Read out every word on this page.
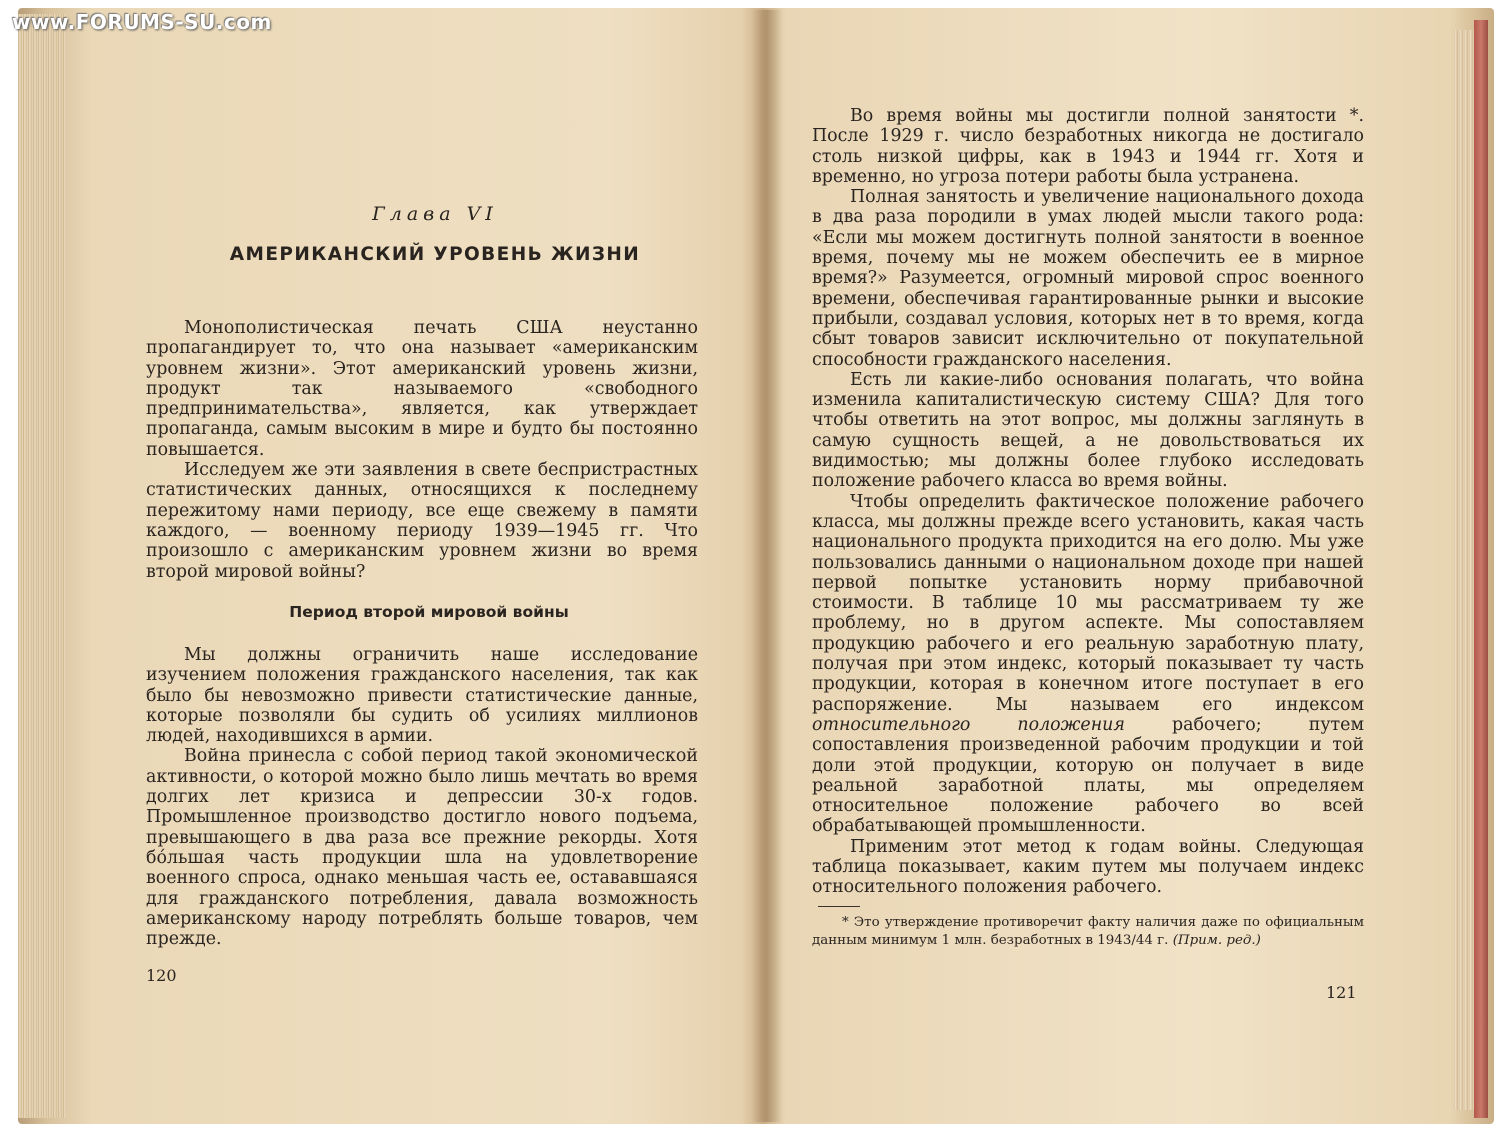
www.FORUMS-SU.com
Глава VI
АМЕРИКАНСКИЙ УРОВЕНЬ ЖИЗНИ

Монополистическая печать США неустанно пропагандирует то, что она называет «американским уровнем жизни». Этот американский уровень жизни, продукт так называемого «свободного предпринимательства», является, как утверждает пропаганда, самым высоким в мире и будто бы постоянно повышается.

Исследуем же эти заявления в свете беспристрастных статистических данных, относящихся к последнему пережитому нами периоду, все еще свежему в памяти каждого, — военному периоду 1939—1945 гг. Что произошло с американским уровнем жизни во время второй мировой войны?

Период второй мировой войны

Мы должны ограничить наше исследование изучением положения гражданского населения, так как было бы невозможно привести статистические данные, которые позволяли бы судить об усилиях миллионов людей, находившихся в армии.

Война принесла с собой период такой экономической активности, о которой можно было лишь мечтать во время долгих лет кризиса и депрессии 30-х годов. Промышленное производство достигло нового подъема, превышающего в два раза все прежние рекорды. Хотя бо́льшая часть продукции шла на удовлетворение военного спроса, однако меньшая часть ее, остававшаяся для гражданского потребления, давала возможность американскому народу потреблять больше товаров, чем прежде.

120

Во время войны мы достигли полной занятости *. После 1929 г. число безработных никогда не достигало столь низкой цифры, как в 1943 и 1944 гг. Хотя и временно, но угроза потери работы была устранена.

Полная занятость и увеличение национального дохода в два раза породили в умах людей мысли такого рода: «Если мы можем достигнуть полной занятости в военное время, почему мы не можем обеспечить ее в мирное время?» Разумеется, огромный мировой спрос военного времени, обеспечивая гарантированные рынки и высокие прибыли, создавал условия, которых нет в то время, когда сбыт товаров зависит исключительно от покупательной способности гражданского населения.

Есть ли какие-либо основания полагать, что война изменила капиталистическую систему США? Для того чтобы ответить на этот вопрос, мы должны заглянуть в самую сущность вещей, а не довольствоваться их видимостью; мы должны более глубоко исследовать положение рабочего класса во время войны.

Чтобы определить фактическое положение рабочего класса, мы должны прежде всего установить, какая часть национального продукта приходится на его долю. Мы уже пользовались данными о национальном доходе при нашей первой попытке установить норму прибавочной стоимости. В таблице 10 мы рассматриваем ту же проблему, но в другом аспекте. Мы сопоставляем продукцию рабочего и его реальную заработную плату, получая при этом индекс, который показывает ту часть продукции, которая в конечном итоге поступает в его распоряжение. Мы называем его индексом относительного положения рабочего; путем сопоставления произведенной рабочим продукции и той доли этой продукции, которую он получает в виде реальной заработной платы, мы определяем относительное положение рабочего во всей обрабатывающей промышленности.

Применим этот метод к годам войны. Следующая таблица показывает, каким путем мы получаем индекс относительного положения рабочего.

* Это утверждение противоречит факту наличия даже по официальным данным минимум 1 млн. безработных в 1943/44 г. (Прим. ред.)

121
